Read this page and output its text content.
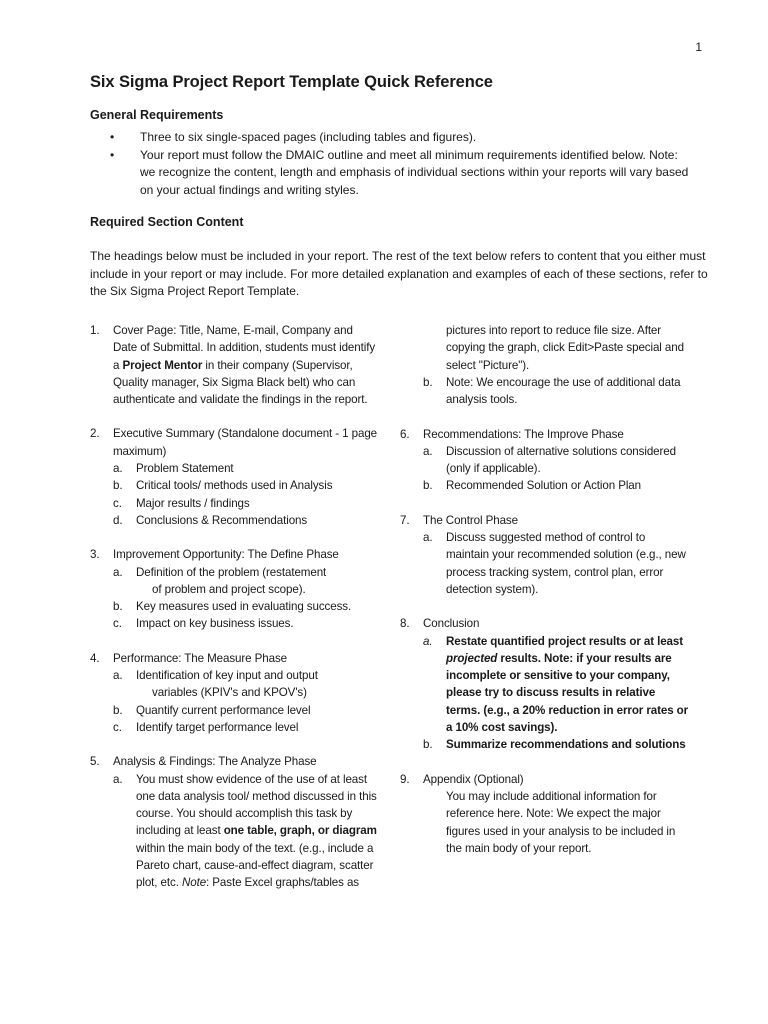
1
Six Sigma Project Report Template Quick Reference
General Requirements
•	Three to six single-spaced pages (including tables and figures).
•	Your report must follow the DMAIC outline and meet all minimum requirements identified below. Note: we recognize the content, length and emphasis of individual sections within your reports will vary based on your actual findings and writing styles.
Required Section Content
The headings below must be included in your report. The rest of the text below refers to content that you either must include in your report or may include. For more detailed explanation and examples of each of these sections, refer to the Six Sigma Project Report Template.
1.	Cover Page: Title, Name, E-mail, Company and Date of Submittal. In addition, students must identify a Project Mentor in their company (Supervisor, Quality manager, Six Sigma Black belt) who can authenticate and validate the findings in the report.
2.	Executive Summary (Standalone document - 1 page maximum)
a.	Problem Statement
b.	Critical tools/ methods used in Analysis
c.	Major results / findings
d.	Conclusions & Recommendations
3.	Improvement Opportunity: The Define Phase
a.	Definition of the problem (restatement
of problem and project scope).
b.	Key measures used in evaluating success.
c.	Impact on key business issues.
4.	Performance: The Measure Phase
a.	Identification of key input and output
variables (KPIV's and KPOV's)
b.	Quantify current performance level
c.	Identify target performance level
5.	Analysis & Findings: The Analyze Phase
a.	You must show evidence of the use of at least one data analysis tool/ method discussed in this course. You should accomplish this task by including at least one table, graph, or diagram within the main body of the text. (e.g., include a Pareto chart, cause-and-effect diagram, scatter plot, etc. Note: Paste Excel graphs/tables as
pictures into report to reduce file size. After copying the graph, click Edit>Paste special and select "Picture").
b.	Note: We encourage the use of additional data analysis tools.
6.	Recommendations: The Improve Phase
a.	Discussion of alternative solutions considered (only if applicable).
b.	Recommended Solution or Action Plan
7.	The Control Phase
a.	Discuss suggested method of control to maintain your recommended solution (e.g., new process tracking system, control plan, error detection system).
8.	Conclusion
a.	Restate quantified project results or at least projected results. Note: if your results are incomplete or sensitive to your company, please try to discuss results in relative terms. (e.g., a 20% reduction in error rates or a 10% cost savings).
b.	Summarize recommendations and solutions
9.	Appendix (Optional)
You may include additional information for reference here. Note: We expect the major figures used in your analysis to be included in the main body of your report.
